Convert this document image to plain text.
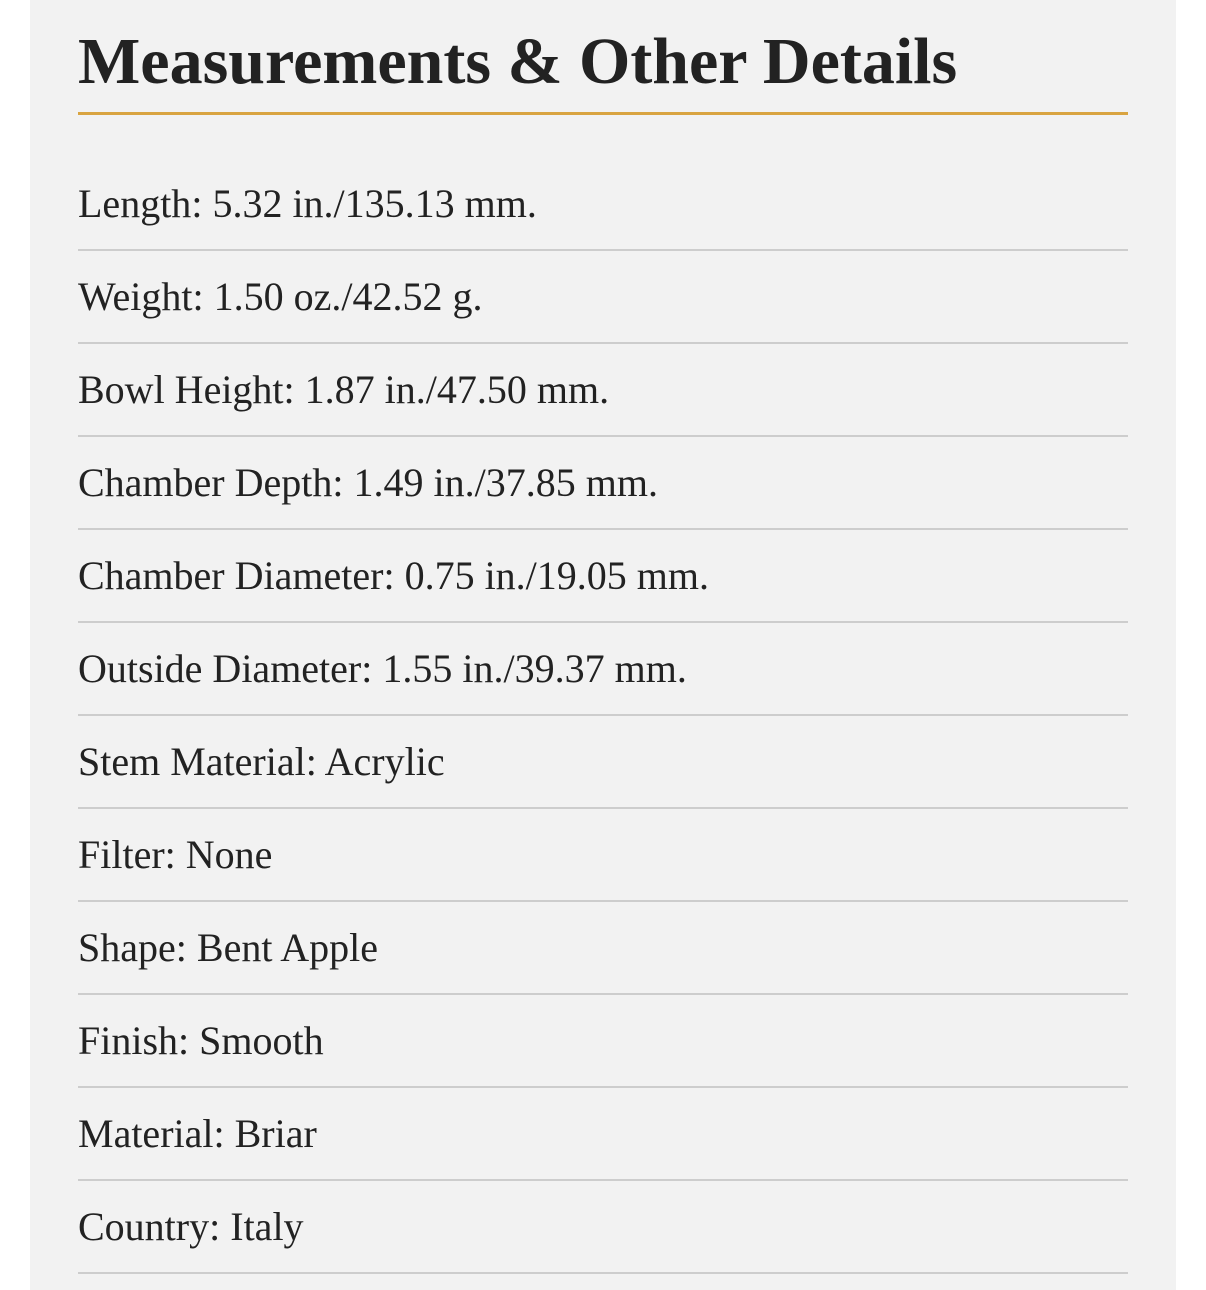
Measurements & Other Details
Length: 5.32 in./135.13 mm.
Weight: 1.50 oz./42.52 g.
Bowl Height: 1.87 in./47.50 mm.
Chamber Depth: 1.49 in./37.85 mm.
Chamber Diameter: 0.75 in./19.05 mm.
Outside Diameter: 1.55 in./39.37 mm.
Stem Material: Acrylic
Filter: None
Shape: Bent Apple
Finish: Smooth
Material: Briar
Country: Italy
